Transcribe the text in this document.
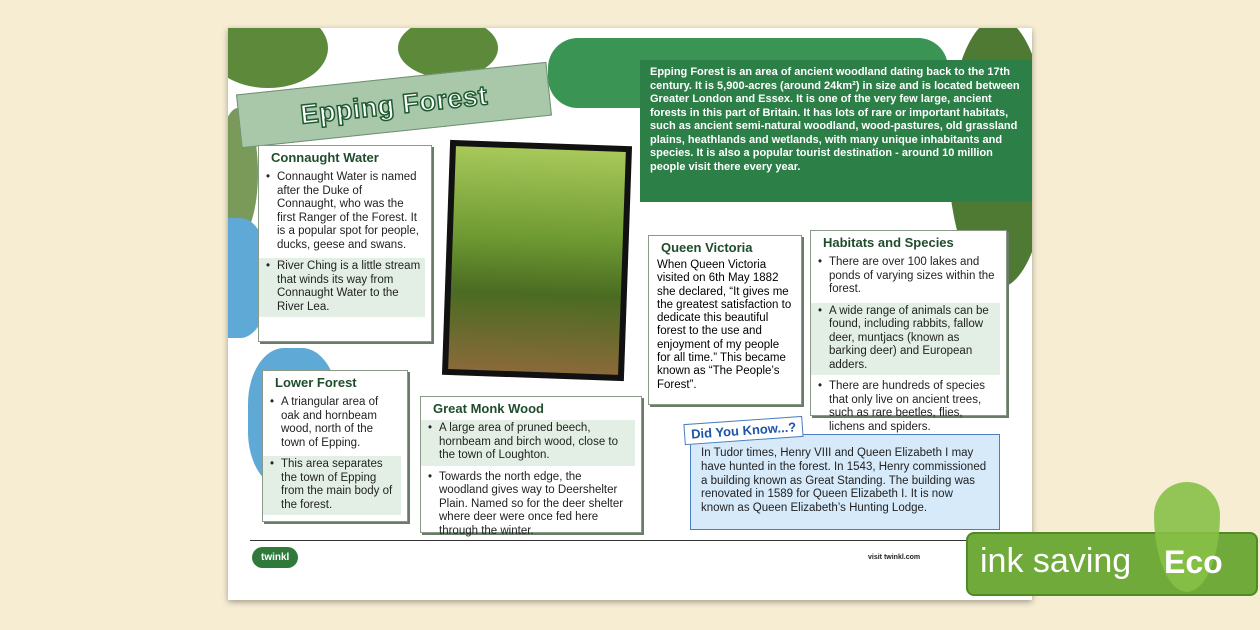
Epping Forest
Epping Forest is an area of ancient woodland dating back to the 17th century. It is 5,900-acres (around 24km²) in size and is located between Greater London and Essex. It is one of the very few large, ancient forests in this part of Britain. It has lots of rare or important habitats, such as ancient semi-natural woodland, wood-pastures, old grassland plains, heathlands and wetlands, with many unique inhabitants and species. It is also a popular tourist destination - around 10 million people visit there every year.
Connaught Water
• Connaught Water is named after the Duke of Connaught, who was the first Ranger of the Forest. It is a popular spot for people, ducks, geese and swans.
• River Ching is a little stream that winds its way from Connaught Water to the River Lea.
Lower Forest
• A triangular area of oak and hornbeam wood, north of the town of Epping.
• This area separates the town of Epping from the main body of the forest.
Great Monk Wood
• A large area of pruned beech, hornbeam and birch wood, close to the town of Loughton.
• Towards the north edge, the woodland gives way to Deershelter Plain. Named so for the deer shelter where deer were once fed here through the winter.
Queen Victoria

When Queen Victoria visited on 6th May 1882 she declared, “It gives me the greatest satisfaction to dedicate this beautiful forest to the use and enjoyment of my people for all time.” This became known as “The People’s Forest”.

Habitats and Species
• There are over 100 lakes and ponds of varying sizes within the forest.
• A wide range of animals can be found, including rabbits, fallow deer, muntjacs (known as barking deer) and European adders.
• There are hundreds of species that only live on ancient trees, such as rare beetles, flies, lichens and spiders.
In Tudor times, Henry VIII and Queen Elizabeth I may have hunted in the forest. In 1543, Henry commissioned a building known as Great Standing. The building was renovated in 1589 for Queen Elizabeth I. It is now known as Queen Elizabeth’s Hunting Lodge.
Did You Know...?
twinkl	visit twinkl.com ink saving Eco
